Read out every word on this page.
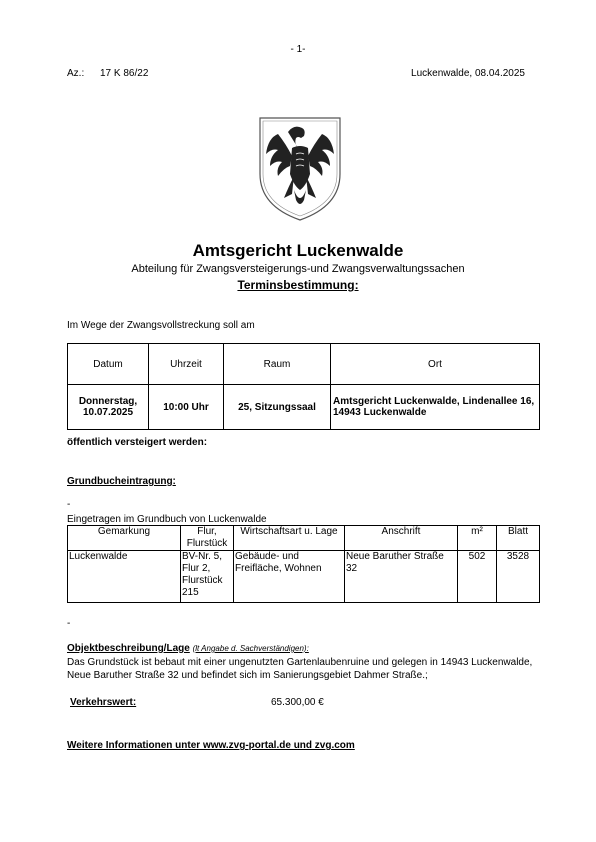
- 1-
Az.: 17 K 86/22	Luckenwalde, 08.04.2025
Amtsgericht Luckenwalde
Abteilung für Zwangsversteigerungs-und Zwangsverwaltungssachen
Terminsbestimmung:
Im Wege der Zwangsvollstreckung soll am
Datum	Uhrzeit	Raum	Ort
Donnerstag, 10.07.2025	10:00 Uhr	25, Sitzungssaal	Amtsgericht Luckenwalde, Lindenallee 16, 14943 Luckenwalde
öffentlich versteigert werden:
Grundbucheintragung:
-
Eingetragen im Grundbuch von Luckenwalde
Gemarkung	Flur, Flurstück	Wirtschaftsart u. Lage	Anschrift	m²	Blatt
Luckenwalde	BV-Nr. 5, Flur 2, Flurstück 215	Gebäude- und Freifläche, Wohnen	Neue Baruther Straße 32	502	3528
-
Objektbeschreibung/Lage (lt Angabe d. Sachverständigen):
Das Grundstück ist bebaut mit einer ungenutzten Gartenlaubenruine und gelegen in 14943 Luckenwalde, Neue Baruther Straße 32 und befindet sich im Sanierungsgebiet Dahmer Straße.;
Verkehrswert:	65.300,00 €
Weitere Informationen unter www.zvg-portal.de und zvg.com
